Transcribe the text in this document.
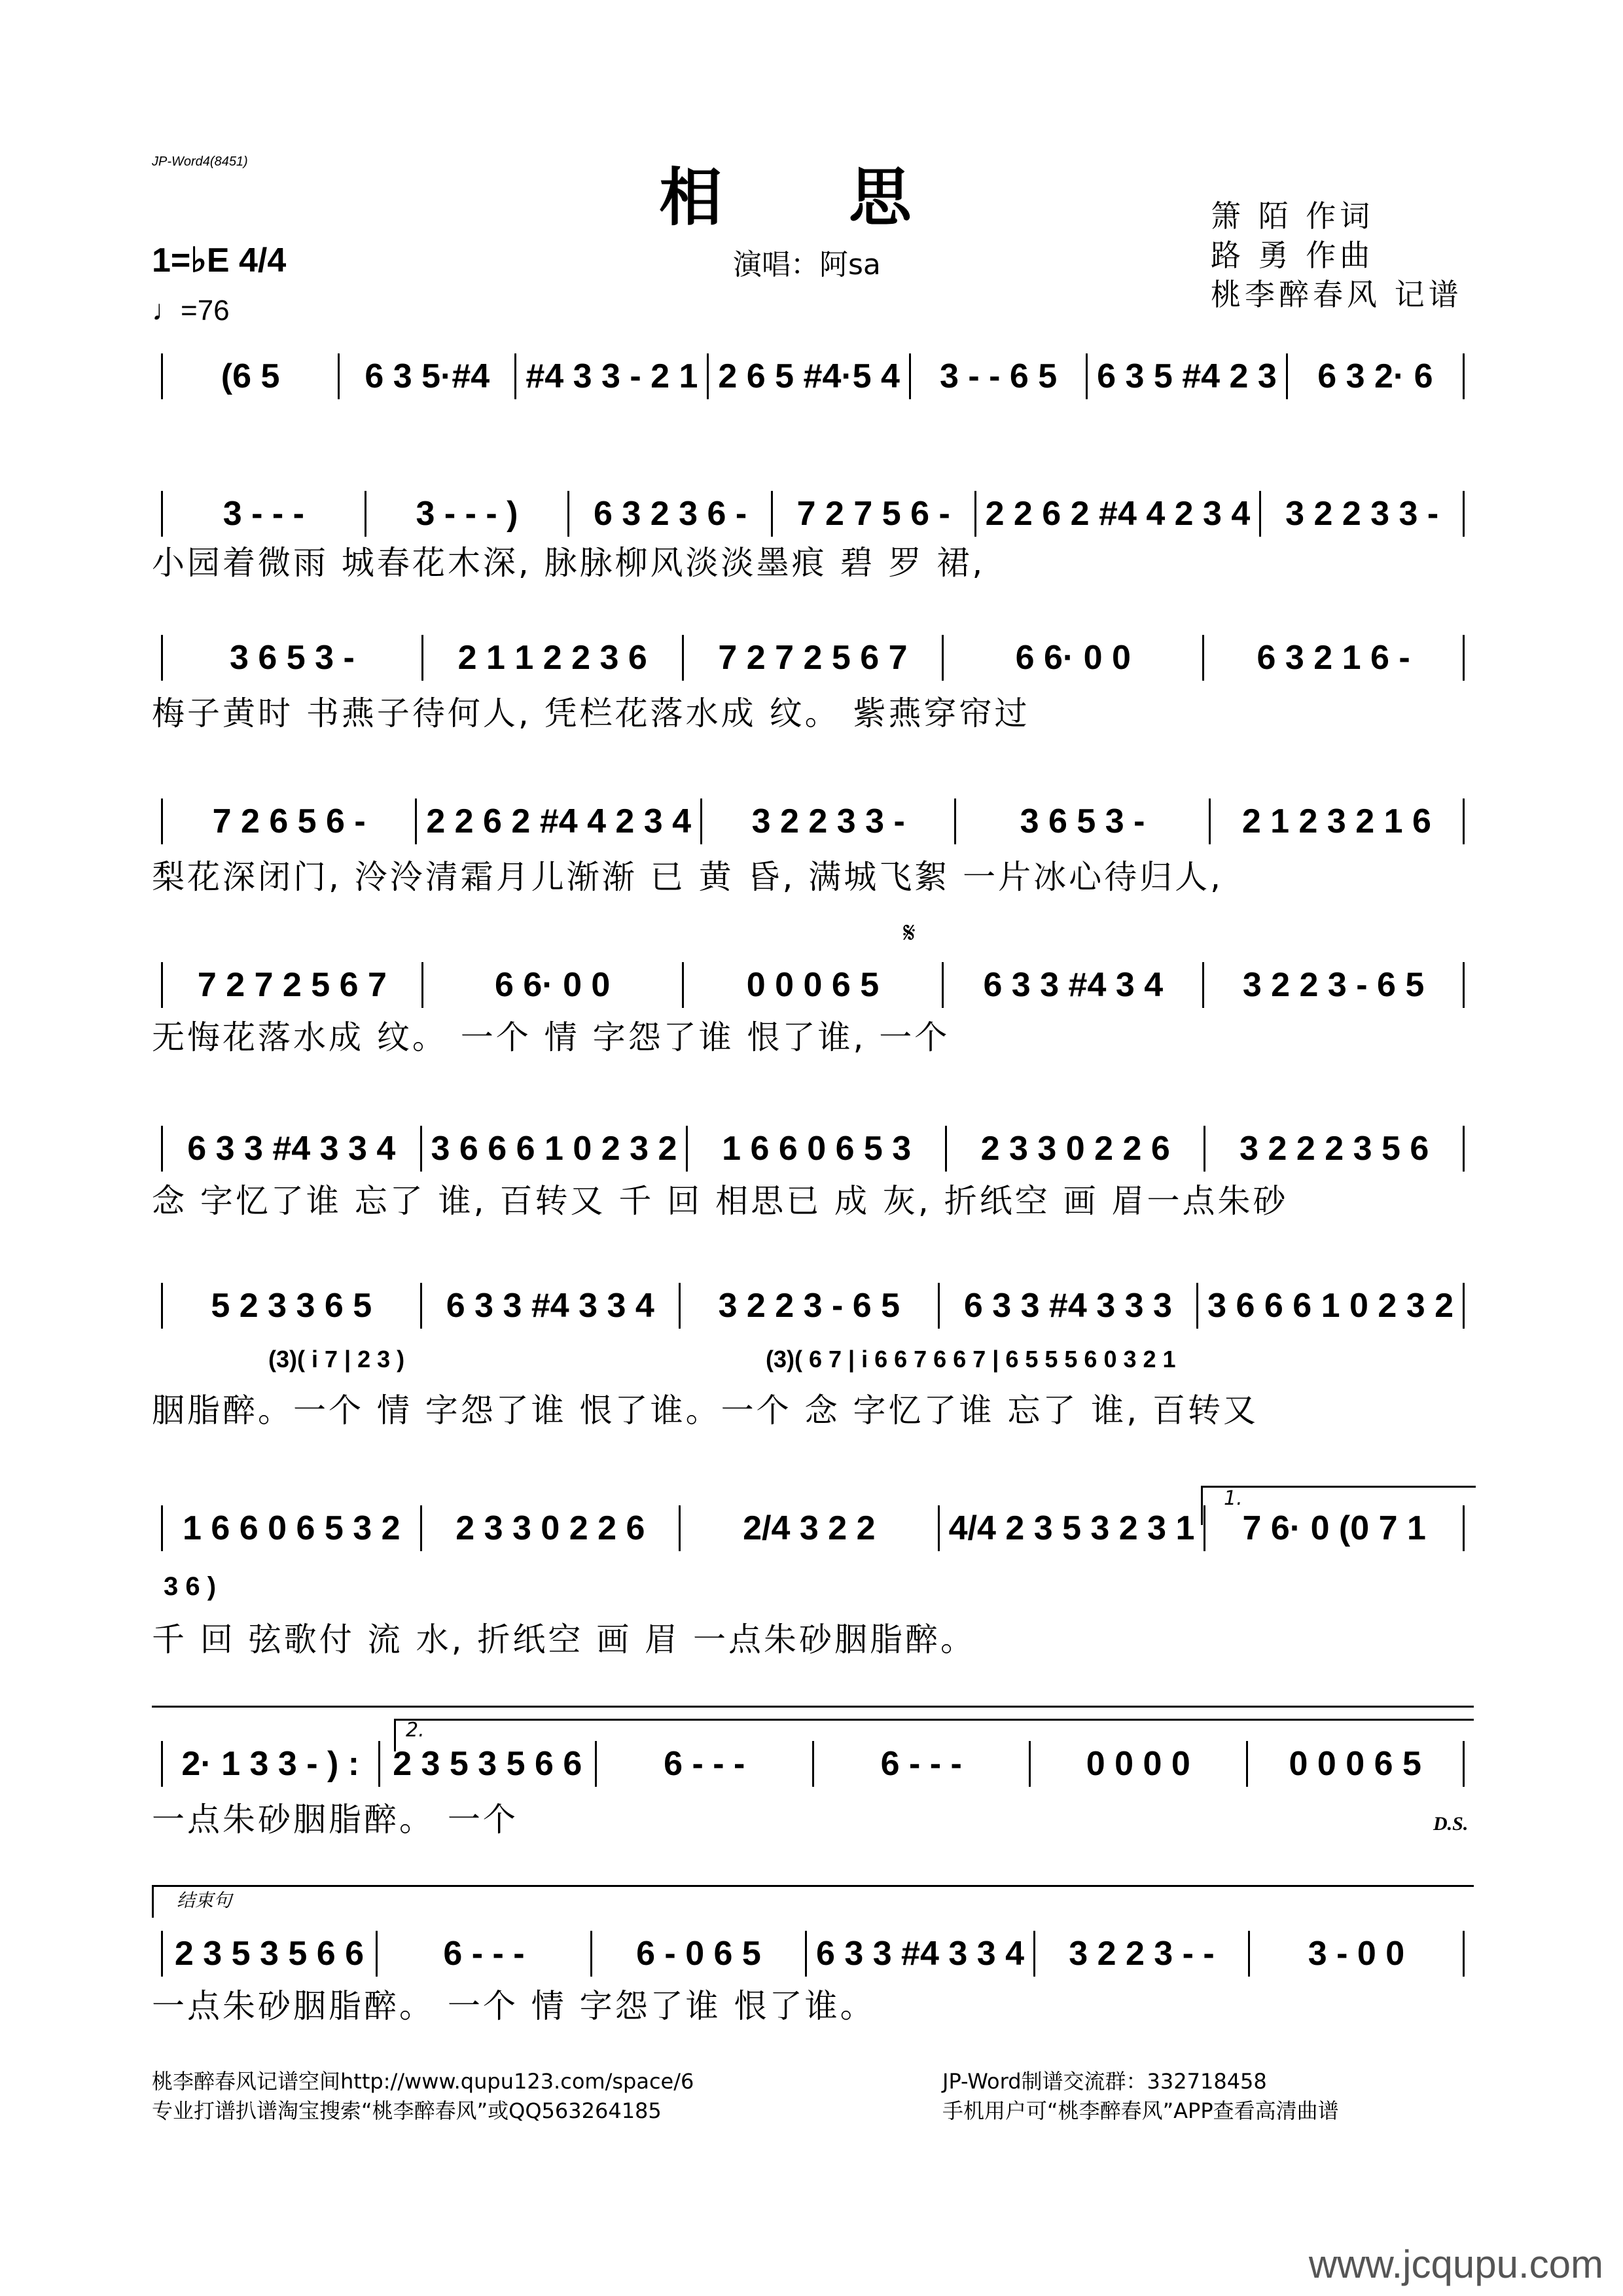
JP-Word4(8451)	相 思
演唱：阿sa
箫 陌 作词
路 勇 作曲
桃李醉春风 记谱
1=♭E 4/4
♩=76
(6 5	6 3 5·#4	#4 3 3 - 2 1 2 6 5 #4·5 4	3 - - 6 5	6 3 5 #4 2 3	6 3 2· 6
3 - - -	3 - - - )	6 3 2 3 6 -	7 2 7 5 6 -	2 2 6 2 #4 4 2 3 4	3 2 2 3 3 -
小园着微雨 城春花木深, 脉脉柳风淡淡墨痕 碧 罗 裙,
3 6 5 3 -	2 1 1 2 2 3 6	7 2 7 2 5 6 7	6 6· 0 0	6 3 2 1 6 -
梅子黄时 书燕子待何人, 凭栏花落水成 纹。 紫燕穿帘过
7 2 6 5 6 -	2 2 6 2 #4 4 2 3 4	3 2 2 3 3 -	3 6 5 3 -	2 1 2 3 2 1 6
梨花深闭门, 泠泠清霜月儿渐渐 已 黄 昏, 满城飞絮 一片冰心待归人,
7 2 7 2 5 6 7	6 6· 0 0	0 0 0 6 5	6 3 3 #4 3 4	3 2 2 3 - 6 5
无悔花落水成 纹。 一个 情 字怨了谁 恨了谁, 一个
6 3 3 #4 3 3 4	3 6 6 6 1 0 2 3 2	1 6 6 0 6 5 3	2 3 3 0 2 2 6	3 2 2 2 3 5 6
念 字忆了谁 忘了 谁, 百转又 千 回 相思已 成 灰, 折纸空 画 眉一点朱砂
5 2 3 3 6 5	6 3 3 #4 3 3 4	3 2 2 3 - 6 5	6 3 3 #4 3 3 3	3 6 6 6 1 0 2 3 2
胭脂醉。一个 情 字怨了谁 恨了谁。一个 念 字忆了谁 忘了 谁, 百转又
1 6 6 0 6 5 3 2	2 3 3 0 2 2 6	2/4 3 2 2	4/4 2 3 5 3 2 3 1	7 6· 0 (0 7 1
千 回 弦歌付 流 水, 折纸空 画 眉 一点朱砂胭脂醉。
2· 1 3 3 - ) : 2 3 5 3 5 6 6	6 - - -	6 - - -	0 0 0 0	0 0 0 6 5
一点朱砂胭脂醉。 一个
2 3 5 3 5 6 6	6 - - -	6 - 0 6 5	6 3 3 #4 3 3 4	3 2 2 3 - -	3 - 0 0
一点朱砂胭脂醉。 一个 情 字怨了谁 恨了谁。
𝄋
1.
2.
结束句
D.S.
(3)( i 7 | 2 3 )	(3)( 6 7 | i 6 6 7 6 6 7 | 6 5 5 5 6 0 3 2 1
3 6 )
桃李醉春风记谱空间http://www.qupu123.com/space/6
专业打谱扒谱淘宝搜索“桃李醉春风”或QQ563264185
JP-Word制谱交流群：332718458
手机用户可“桃李醉春风”APP查看高清曲谱
www.jcqupu.com
